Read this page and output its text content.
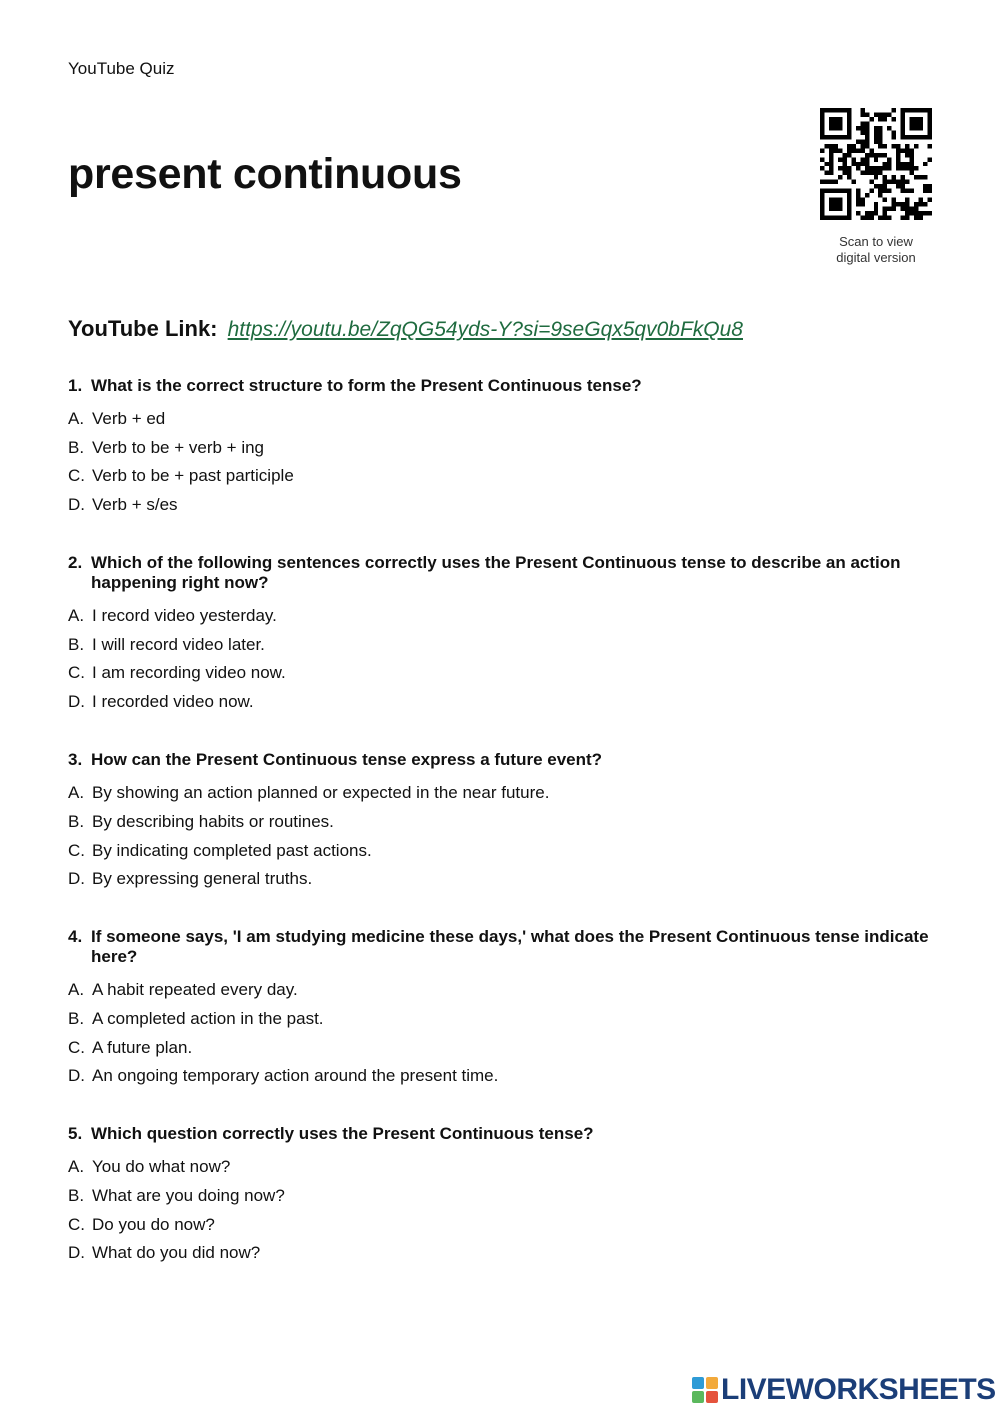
YouTube Quiz
present continuous
Scan to view
digital version
YouTube Link: https://youtu.be/ZqQG54yds-Y?si=9seGqx5qv0bFkQu8
1. What is the correct structure to form the Present Continuous tense?
A. Verb + ed
B. Verb to be + verb + ing
C. Verb to be + past participle
D. Verb + s/es
2. Which of the following sentences correctly uses the Present Continuous tense to describe an action happening right now?
A. I record video yesterday.
B. I will record video later.
C. I am recording video now.
D. I recorded video now.
3. How can the Present Continuous tense express a future event?
A. By showing an action planned or expected in the near future.
B. By describing habits or routines.
C. By indicating completed past actions.
D. By expressing general truths.
4. If someone says, 'I am studying medicine these days,' what does the Present Continuous tense indicate here?
A. A habit repeated every day.
B. A completed action in the past.
C. A future plan.
D. An ongoing temporary action around the present time.
5. Which question correctly uses the Present Continuous tense?
A. You do what now?
B. What are you doing now?
C. Do you do now?
D. What do you did now?
LIVEWORKSHEETS
